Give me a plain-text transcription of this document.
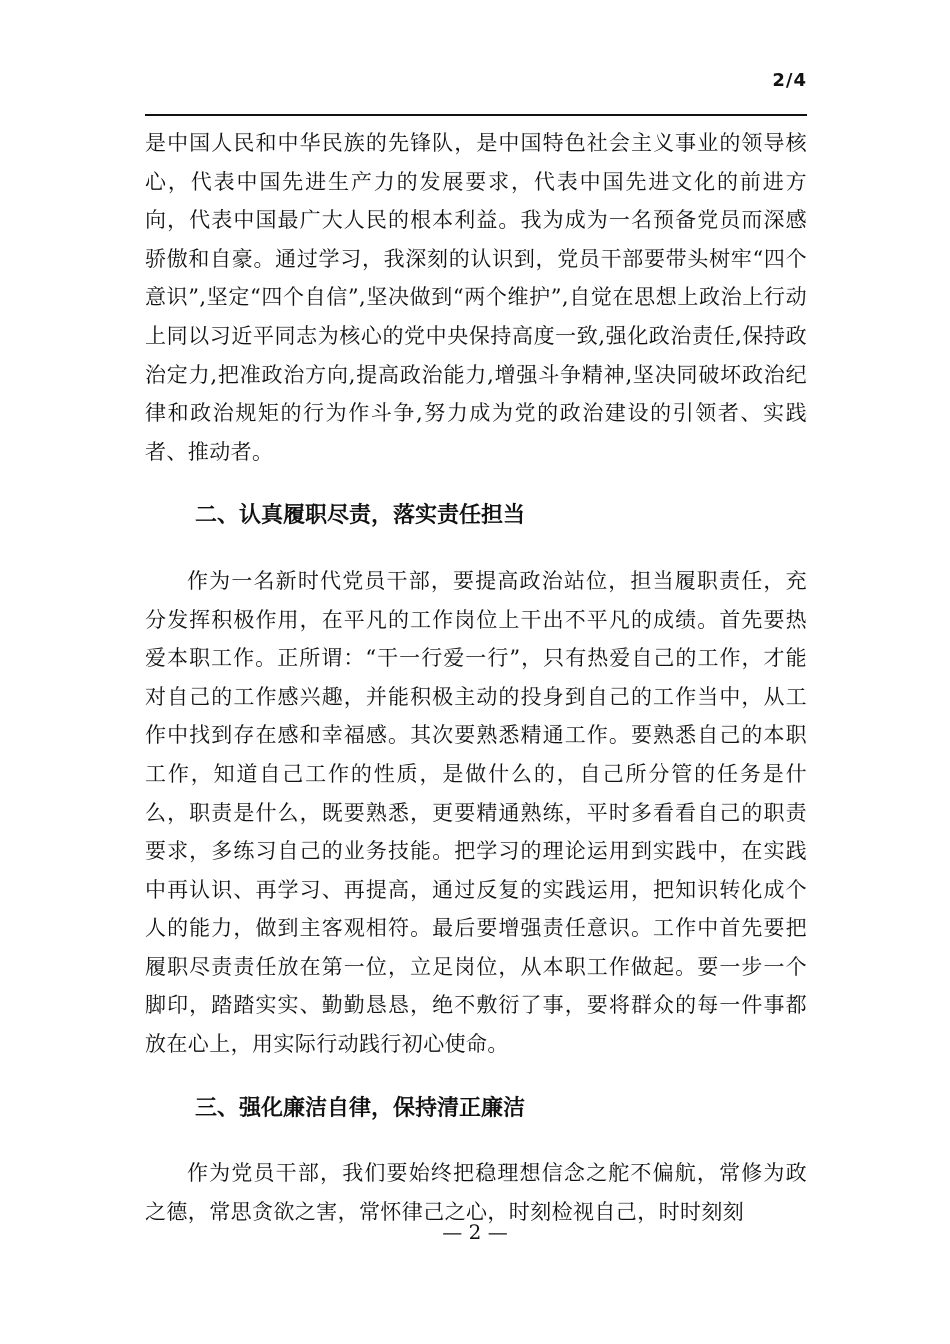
2/4

是中国人民和中华民族的先锋队，是中国特色社会主义事业的领导核心，代表中国先进生产力的发展要求，代表中国先进文化的前进方向，代表中国最广大人民的根本利益。我为成为一名预备党员而深感骄傲和自豪。通过学习，我深刻的认识到，党员干部要带头树牢“四个意识”,坚定“四个自信”,坚决做到“两个维护”,自觉在思想上政治上行动上同以习近平同志为核心的党中央保持高度一致,强化政治责任,保持政治定力,把准政治方向,提高政治能力,增强斗争精神,坚决同破坏政治纪律和政治规矩的行为作斗争,努力成为党的政治建设的引领者、实践者、推动者。

二、认真履职尽责，落实责任担当

作为一名新时代党员干部，要提高政治站位，担当履职责任，充分发挥积极作用，在平凡的工作岗位上干出不平凡的成绩。首先要热爱本职工作。正所谓：“干一行爱一行”，只有热爱自己的工作，才能对自己的工作感兴趣，并能积极主动的投身到自己的工作当中，从工作中找到存在感和幸福感。其次要熟悉精通工作。要熟悉自己的本职工作，知道自己工作的性质，是做什么的，自己所分管的任务是什么，职责是什么，既要熟悉，更要精通熟练，平时多看看自己的职责要求，多练习自己的业务技能。把学习的理论运用到实践中，在实践中再认识、再学习、再提高，通过反复的实践运用，把知识转化成个人的能力，做到主客观相符。最后要增强责任意识。工作中首先要把履职尽责责任放在第一位，立足岗位，从本职工作做起。要一步一个脚印，踏踏实实、勤勤恳恳，绝不敷衍了事，要将群众的每一件事都放在心上，用实际行动践行初心使命。

三、强化廉洁自律，保持清正廉洁

作为党员干部，我们要始终把稳理想信念之舵不偏航，常修为政之德，常思贪欲之害，常怀律己之心，时刻检视自己，时时刻刻

— 2 —
